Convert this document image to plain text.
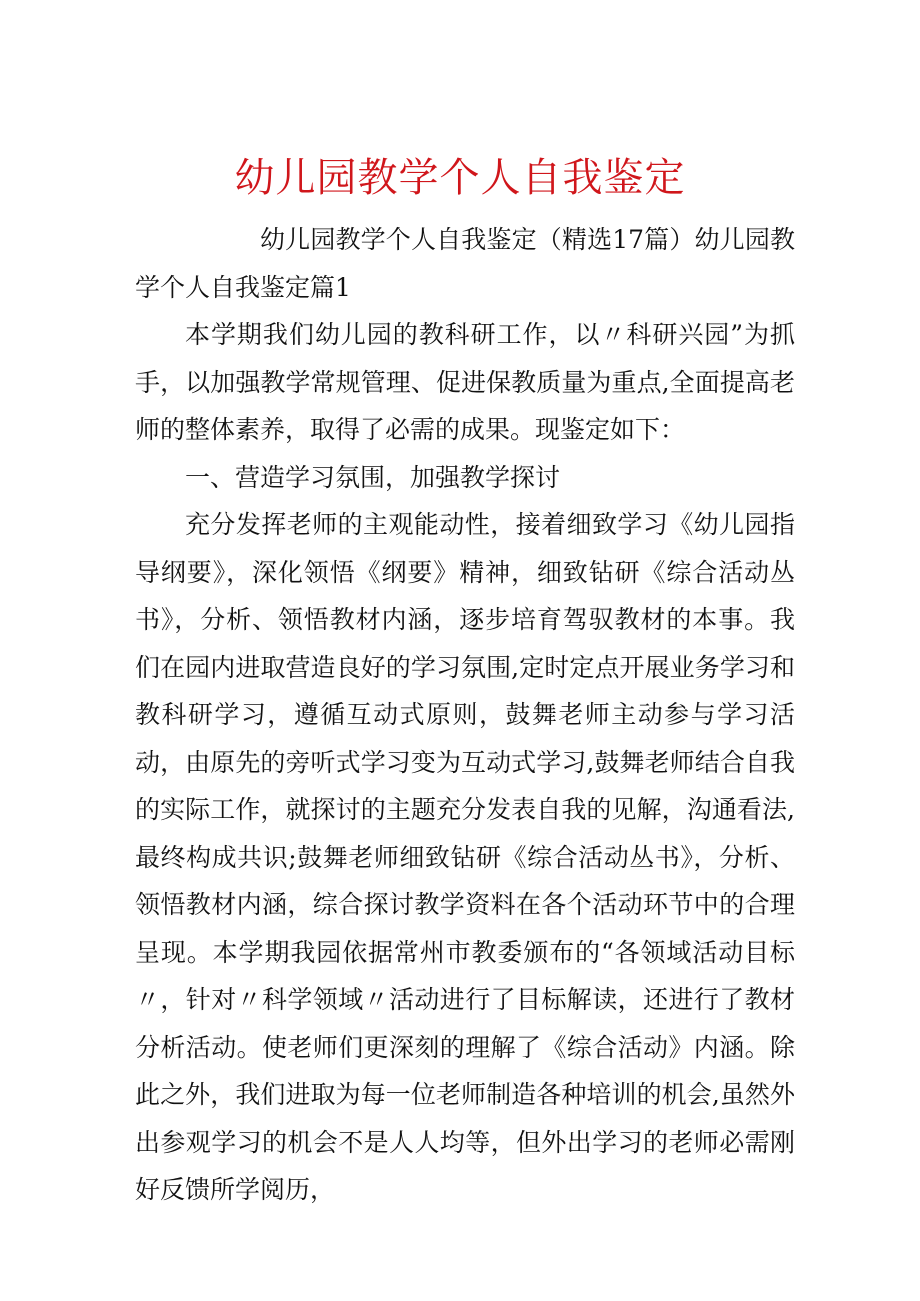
幼儿园教学个人自我鉴定

幼儿园教学个人自我鉴定（精选17篇）幼儿园教学个人自我鉴定篇1

本学期我们幼儿园的教科研工作，以〃科研兴园”为抓手，以加强教学常规管理、促进保教质量为重点,全面提高老师的整体素养，取得了必需的成果。现鉴定如下：

一、营造学习氛围，加强教学探讨

充分发挥老师的主观能动性，接着细致学习《幼儿园指导纲要》，深化领悟《纲要》精神，细致钻研《综合活动丛书》，分析、领悟教材内涵，逐步培育驾驭教材的本事。我们在园内进取营造良好的学习氛围,定时定点开展业务学习和教科研学习，遵循互动式原则，鼓舞老师主动参与学习活动，由原先的旁听式学习变为互动式学习,鼓舞老师结合自我的实际工作，就探讨的主题充分发表自我的见解，沟通看法,最终构成共识;鼓舞老师细致钻研《综合活动丛书》，分析、领悟教材内涵，综合探讨教学资料在各个活动环节中的合理呈现。本学期我园依据常州市教委颁布的“各领域活动目标〃，针对〃科学领域〃活动进行了目标解读，还进行了教材分析活动。使老师们更深刻的理解了《综合活动》内涵。除此之外，我们进取为每一位老师制造各种培训的机会,虽然外出参观学习的机会不是人人均等，但外出学习的老师必需刚好反馈所学阅历，
